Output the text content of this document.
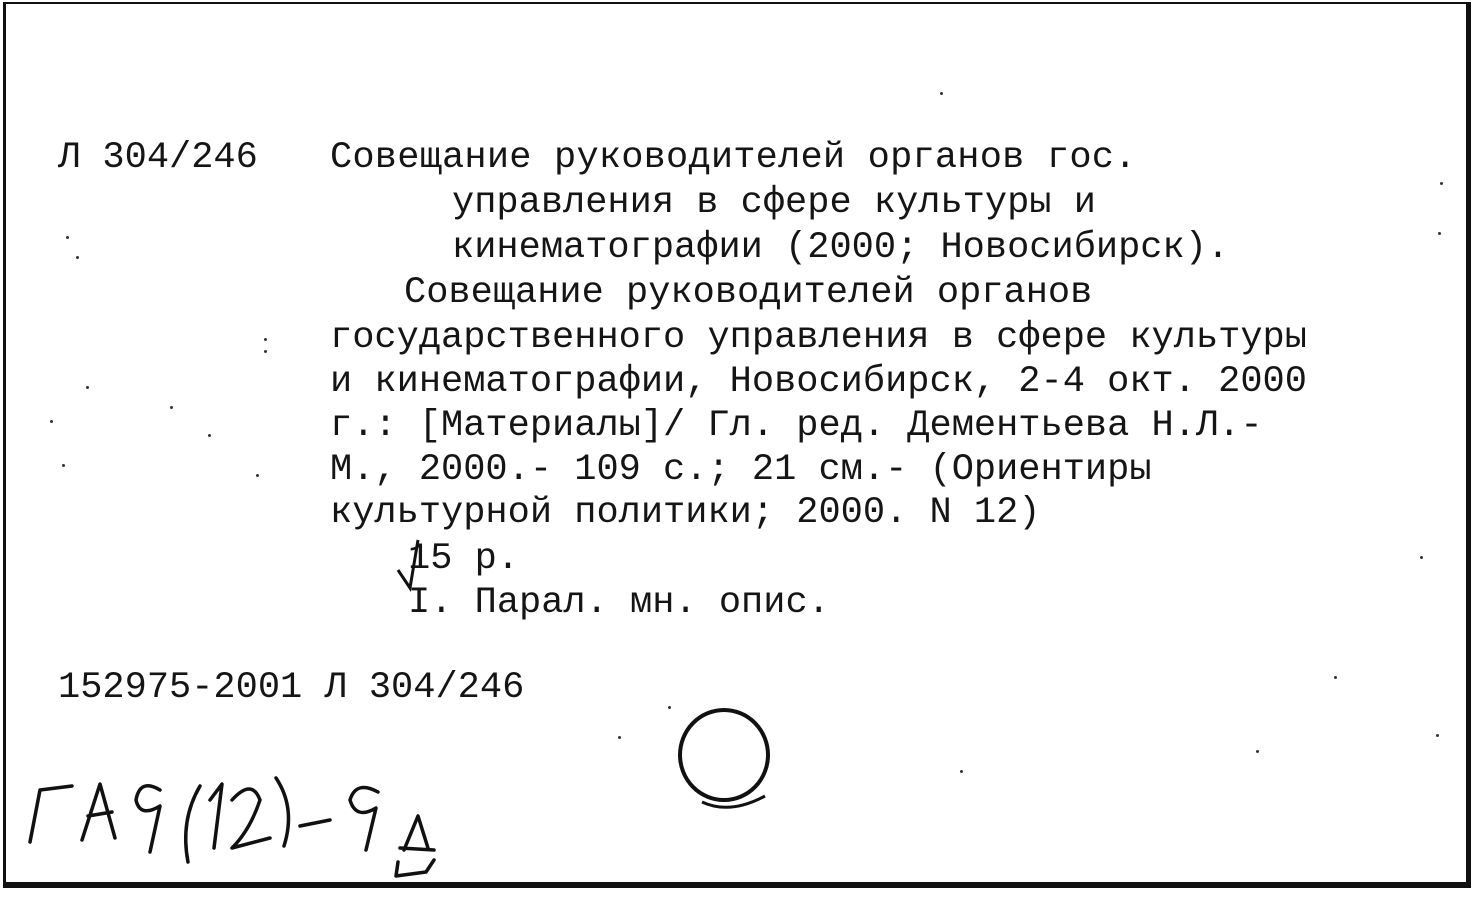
Л 304/246 Совещание руководителей органов гос.
управления в сфере культуры и
кинематографии (2000; Новосибирск).
Совещание руководителей органов
государственного управления в сфере культуры
и кинематографии, Новосибирск, 2-4 окт. 2000
г.: [Материалы]/ Гл. ред. Дементьева Н.Л.-
М., 2000.- 109 с.; 21 см.- (Ориентиры
культурной политики; 2000. N 12)
15 р.
I. Парал. мн. опис.
152975-2001 Л 304/246
